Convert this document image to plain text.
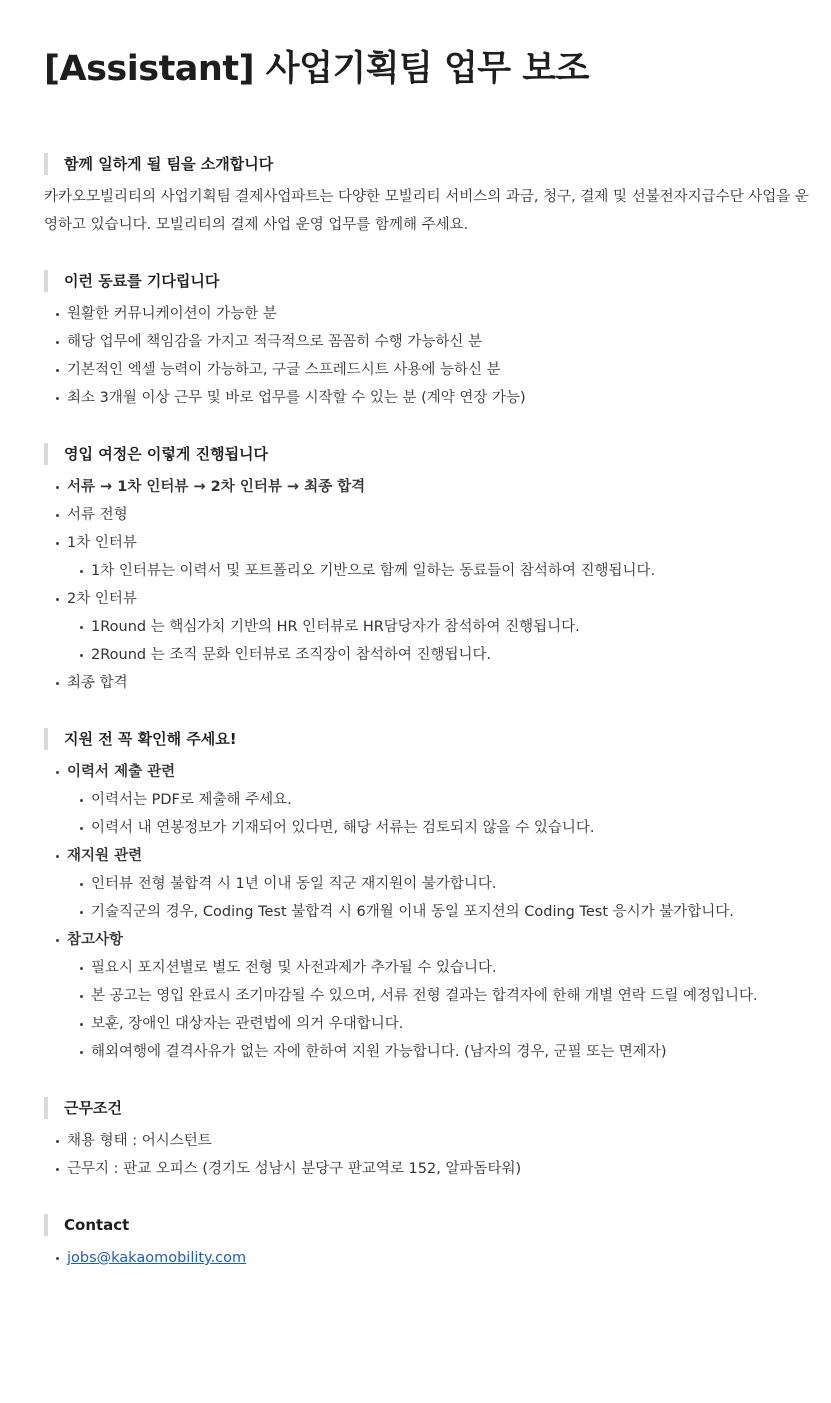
[Assistant] 사업기획팀 업무 보조
함께 일하게 될 팀을 소개합니다

카카오모빌리티의 사업기획팀 결제사업파트는 다양한 모빌리티 서비스의 과금, 청구, 결제 및 선불전자지급수단 사업을 운

영하고 있습니다. 모빌리티의 결제 사업 운영 업무를 함께해 주세요.

이런 동료를 기다립니다
원활한 커뮤니케이션이 가능한 분
해당 업무에 책임감을 가지고 적극적으로 꼼꼼히 수행 가능하신 분
기본적인 엑셀 능력이 가능하고, 구글 스프레드시트 사용에 능하신 분
최소 3개월 이상 근무 및 바로 업무를 시작할 수 있는 분 (계약 연장 가능)
영입 여정은 이렇게 진행됩니다
서류 → 1차 인터뷰 → 2차 인터뷰 → 최종 합격
서류 전형
1차 인터뷰
1차 인터뷰는 이력서 및 포트폴리오 기반으로 함께 일하는 동료들이 참석하여 진행됩니다.
2차 인터뷰
1Round 는 핵심가치 기반의 HR 인터뷰로 HR담당자가 참석하여 진행됩니다.
2Round 는 조직 문화 인터뷰로 조직장이 참석하여 진행됩니다.
최종 합격
지원 전 꼭 확인해 주세요!
이력서 제출 관련
이력서는 PDF로 제출해 주세요.
이력서 내 연봉정보가 기재되어 있다면, 해당 서류는 검토되지 않을 수 있습니다.
재지원 관련
인터뷰 전형 불합격 시 1년 이내 동일 직군 재지원이 불가합니다.
기술직군의 경우, Coding Test 불합격 시 6개월 이내 동일 포지션의 Coding Test 응시가 불가합니다.
참고사항
필요시 포지션별로 별도 전형 및 사전과제가 추가될 수 있습니다.
본 공고는 영입 완료시 조기마감될 수 있으며, 서류 전형 결과는 합격자에 한해 개별 연락 드릴 예정입니다.
보훈, 장애인 대상자는 관련법에 의거 우대합니다.
해외여행에 결격사유가 없는 자에 한하여 지원 가능합니다. (남자의 경우, 군필 또는 면제자)
근무조건
채용 형태 : 어시스턴트
근무지 : 판교 오피스 (경기도 성남시 분당구 판교역로 152, 알파돔타워)
Contact
jobs@kakaomobility.com
